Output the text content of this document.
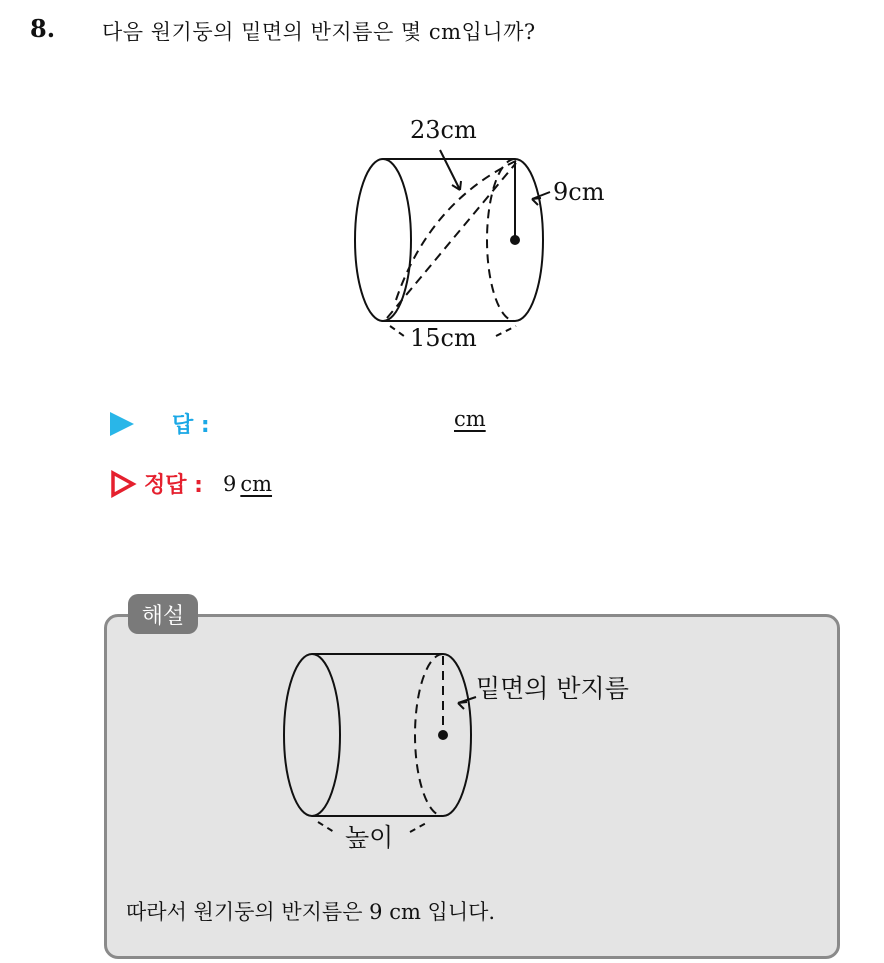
8. 다음 원기둥의 밑면의 반지름은 몇 cm입니까?
23cm
9cm
15cm
답 :	cm
정답 : 9 cm
해설
밑면의 반지름
높이
따라서 원기둥의 반지름은 9 cm 입니다.
